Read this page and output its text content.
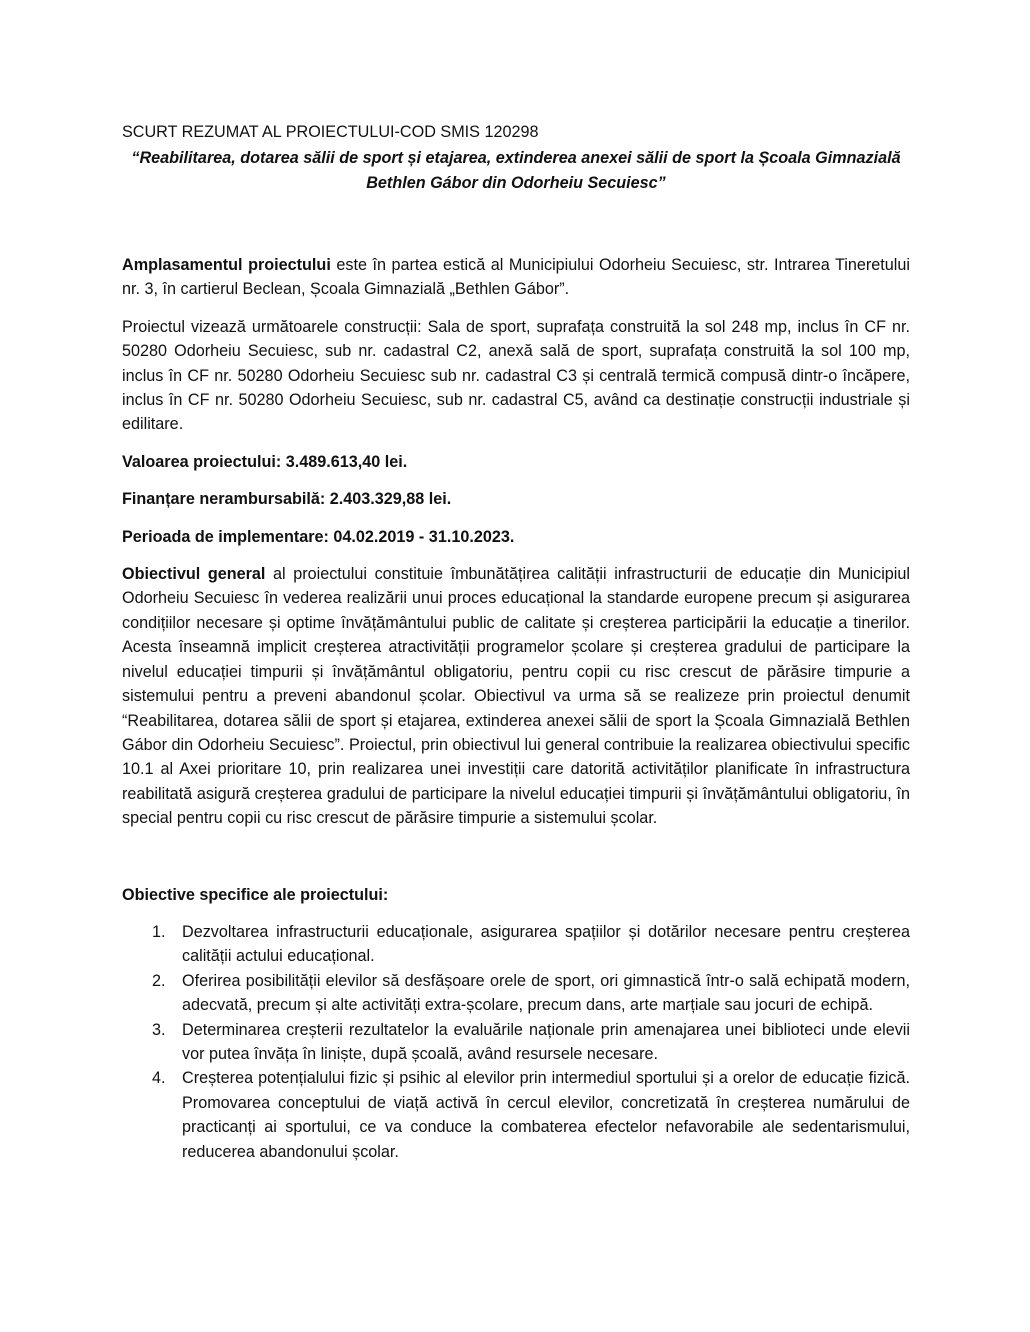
SCURT REZUMAT AL PROIECTULUI-COD SMIS 120298
“Reabilitarea, dotarea sălii de sport și etajarea, extinderea anexei sălii de sport la Școala Gimnazială Bethlen Gábor din Odorheiu Secuiesc”

Amplasamentul proiectului este în partea estică al Municipiului Odorheiu Secuiesc, str. Intrarea Tineretului nr. 3, în cartierul Beclean, Școala Gimnazială „Bethlen Gábor”.

Proiectul vizează următoarele construcții: Sala de sport, suprafața construită la sol 248 mp, inclus în CF nr. 50280 Odorheiu Secuiesc, sub nr. cadastral C2, anexă sală de sport, suprafața construită la sol 100 mp, inclus în CF nr. 50280 Odorheiu Secuiesc sub nr. cadastral C3 și centrală termică compusă dintr-o încăpere, inclus în CF nr. 50280 Odorheiu Secuiesc, sub nr. cadastral C5, având ca destinație construcții industriale și edilitare.

Valoarea proiectului: 3.489.613,40 lei.

Finanțare nerambursabilă: 2.403.329,88 lei.

Perioada de implementare: 04.02.2019 - 31.10.2023.

Obiectivul general al proiectului constituie îmbunătățirea calității infrastructurii de educație din Municipiul Odorheiu Secuiesc în vederea realizării unui proces educațional la standarde europene precum și asigurarea condițiilor necesare și optime învățământului public de calitate și creșterea participării la educație a tinerilor. Acesta înseamnă implicit creșterea atractivității programelor școlare și creșterea gradului de participare la nivelul educației timpurii și învățământul obligatoriu, pentru copii cu risc crescut de părăsire timpurie a sistemului pentru a preveni abandonul școlar. Obiectivul va urma să se realizeze prin proiectul denumit “Reabilitarea, dotarea sălii de sport și etajarea, extinderea anexei sălii de sport la Școala Gimnazială Bethlen Gábor din Odorheiu Secuiesc”. Proiectul, prin obiectivul lui general contribuie la realizarea obiectivului specific 10.1 al Axei prioritare 10, prin realizarea unei investiții care datorită activităților planificate în infrastructura reabilitată asigură creșterea gradului de participare la nivelul educației timpurii și învățământului obligatoriu, în special pentru copii cu risc crescut de părăsire timpurie a sistemului școlar.

Obiective specifice ale proiectului:

1. Dezvoltarea infrastructurii educaționale, asigurarea spațiilor și dotărilor necesare pentru creșterea calității actului educațional.
2. Oferirea posibilității elevilor să desfășoare orele de sport, ori gimnastică într-o sală echipată modern, adecvată, precum și alte activități extra-școlare, precum dans, arte marțiale sau jocuri de echipă.
3. Determinarea creșterii rezultatelor la evaluările naționale prin amenajarea unei biblioteci unde elevii vor putea învăța în liniște, după școală, având resursele necesare.
4. Creșterea potențialului fizic și psihic al elevilor prin intermediul sportului și a orelor de educație fizică. Promovarea conceptului de viață activă în cercul elevilor, concretizată în creșterea numărului de practicanți ai sportului, ce va conduce la combaterea efectelor nefavorabile ale sedentarismului, reducerea abandonului școlar.
